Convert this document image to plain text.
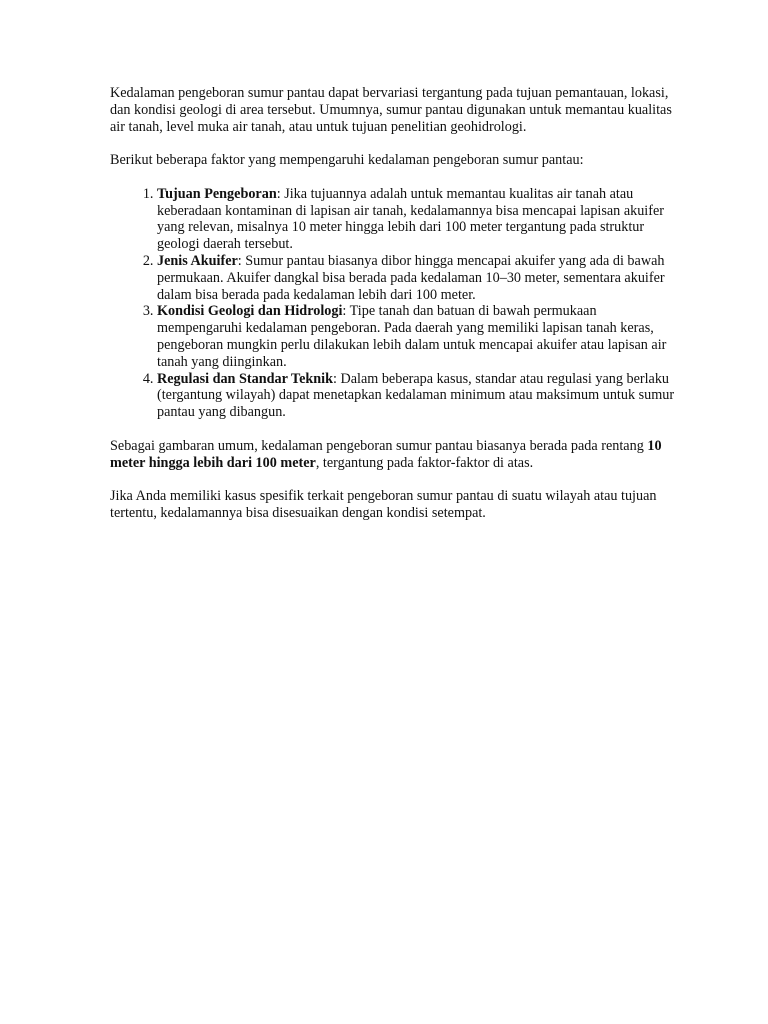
Kedalaman pengeboran sumur pantau dapat bervariasi tergantung pada tujuan pemantauan, lokasi, dan kondisi geologi di area tersebut. Umumnya, sumur pantau digunakan untuk memantau kualitas air tanah, level muka air tanah, atau untuk tujuan penelitian geohidrologi.

Berikut beberapa faktor yang mempengaruhi kedalaman pengeboran sumur pantau:

1. Tujuan Pengeboran: Jika tujuannya adalah untuk memantau kualitas air tanah atau keberadaan kontaminan di lapisan air tanah, kedalamannya bisa mencapai lapisan akuifer yang relevan, misalnya 10 meter hingga lebih dari 100 meter tergantung pada struktur geologi daerah tersebut.
2. Jenis Akuifer: Sumur pantau biasanya dibor hingga mencapai akuifer yang ada di bawah permukaan. Akuifer dangkal bisa berada pada kedalaman 10–30 meter, sementara akuifer dalam bisa berada pada kedalaman lebih dari 100 meter.
3. Kondisi Geologi dan Hidrologi: Tipe tanah dan batuan di bawah permukaan mempengaruhi kedalaman pengeboran. Pada daerah yang memiliki lapisan tanah keras, pengeboran mungkin perlu dilakukan lebih dalam untuk mencapai akuifer atau lapisan air tanah yang diinginkan.
4. Regulasi dan Standar Teknik: Dalam beberapa kasus, standar atau regulasi yang berlaku (tergantung wilayah) dapat menetapkan kedalaman minimum atau maksimum untuk sumur pantau yang dibangun.

Sebagai gambaran umum, kedalaman pengeboran sumur pantau biasanya berada pada rentang 10 meter hingga lebih dari 100 meter, tergantung pada faktor-faktor di atas.

Jika Anda memiliki kasus spesifik terkait pengeboran sumur pantau di suatu wilayah atau tujuan tertentu, kedalamannya bisa disesuaikan dengan kondisi setempat.
